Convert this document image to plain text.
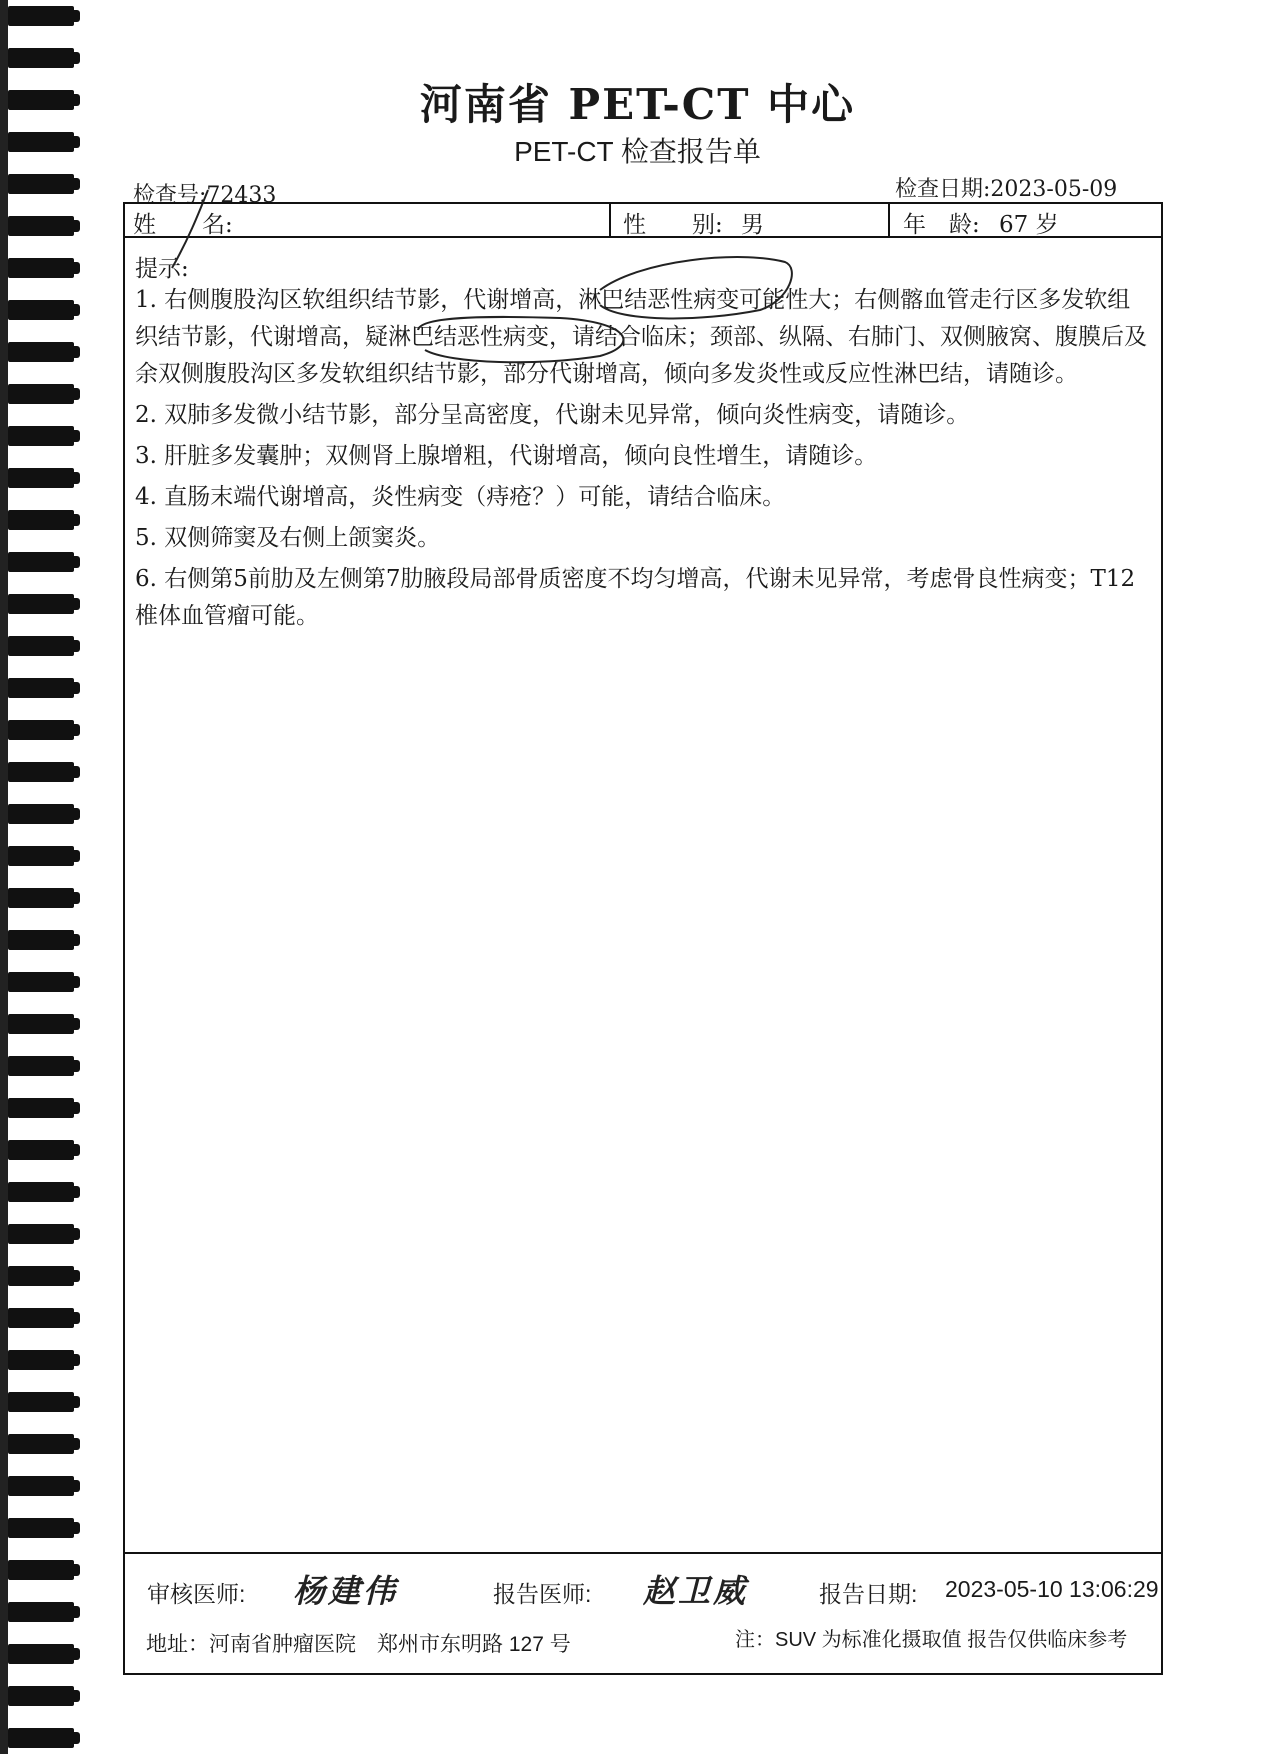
河南省 PET-CT 中心
PET-CT 检查报告单
检查号:72433	检查日期:2023-05-09
姓　　名:	性　　别: 男	年　龄: 67 岁
提示:

1. 右侧腹股沟区软组织结节影，代谢增高，淋巴结恶性病变可能性大；右侧髂血管走行区多发软组织结节影，代谢增高，疑淋巴结恶性病变，请结合临床；颈部、纵隔、右肺门、双侧腋窝、腹膜后及余双侧腹股沟区多发软组织结节影，部分代谢增高，倾向多发炎性或反应性淋巴结，请随诊。

2. 双肺多发微小结节影，部分呈高密度，代谢未见异常，倾向炎性病变，请随诊。

3. 肝脏多发囊肿；双侧肾上腺增粗，代谢增高，倾向良性增生，请随诊。

4. 直肠末端代谢增高，炎性病变（痔疮？）可能，请结合临床。

5. 双侧筛窦及右侧上颌窦炎。

6. 右侧第5前肋及左侧第7肋腋段局部骨质密度不均匀增高，代谢未见异常，考虑骨良性病变；T12椎体血管瘤可能。

审核医师: 杨建伟	报告医师: 赵卫威	报告日期: 2023-05-10 13:06:29
地址：河南省肿瘤医院　郑州市东明路 127 号	注：SUV 为标准化摄取值 报告仅供临床参考
